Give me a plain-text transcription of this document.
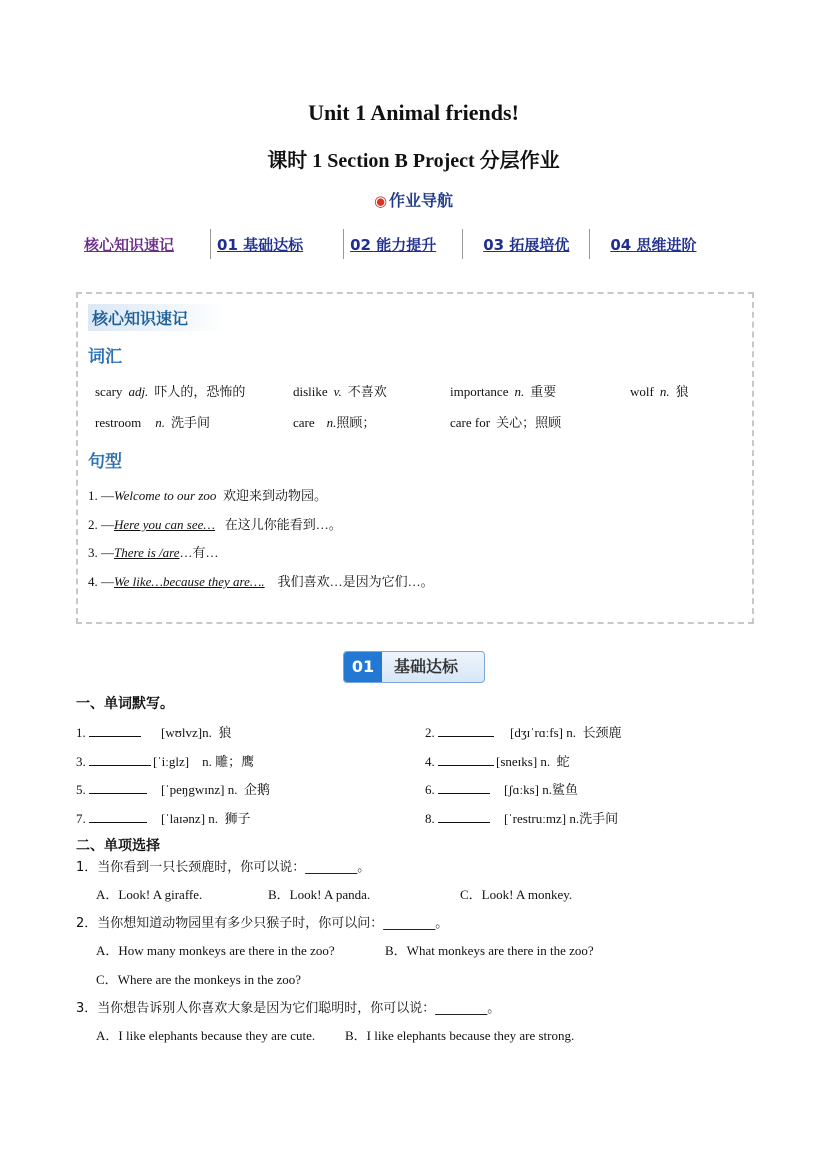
Unit 1 Animal friends!
课时 1 Section B Project 分层作业
◉ 作业导航
核心知识速记	01 基础达标	02 能力提升	03 拓展培优	04 思维进阶
核心知识速记
词汇
scary adj. 吓人的，恐怖的	dislike v. 不喜欢	importance n. 重要	wolf n. 狼
restroom n. 洗手间	care n.照顾；	care for 关心；照顾
句型
1. —Welcome to our zoo 欢迎来到动物园。
2. —Here you can see… 在这儿你能看到…。
3. —There is /are…有…
4. —We like…because they are…. 我们喜欢…是因为它们…。
01	基础达标
一、单词默写。
1.	[wʊlvz]n. 狼	2.	[dʒɪˈrɑːfs] n. 长颈鹿
3.	[ˈiːglz] n. 雕；鹰	4.	[sneɪks] n. 蛇
5.	[ˈpeŋgwɪnz] n. 企鹅	6.	[ʃɑːks] n.鲨鱼
7.	[ˈlaɪənz] n. 狮子	8.	[ˈrestruːmz] n.洗手间
二、单项选择
1．当你看到一只长颈鹿时，你可以说：________。
A．Look! A giraffe.	B．Look! A panda.	C．Look! A monkey.
2．当你想知道动物园里有多少只猴子时，你可以问：________。
A．How many monkeys are there in the zoo?	B．What monkeys are there in the zoo?
C．Where are the monkeys in the zoo?
3．当你想告诉别人你喜欢大象是因为它们聪明时，你可以说：________。
A．I like elephants because they are cute. B．I like elephants because they are strong.
